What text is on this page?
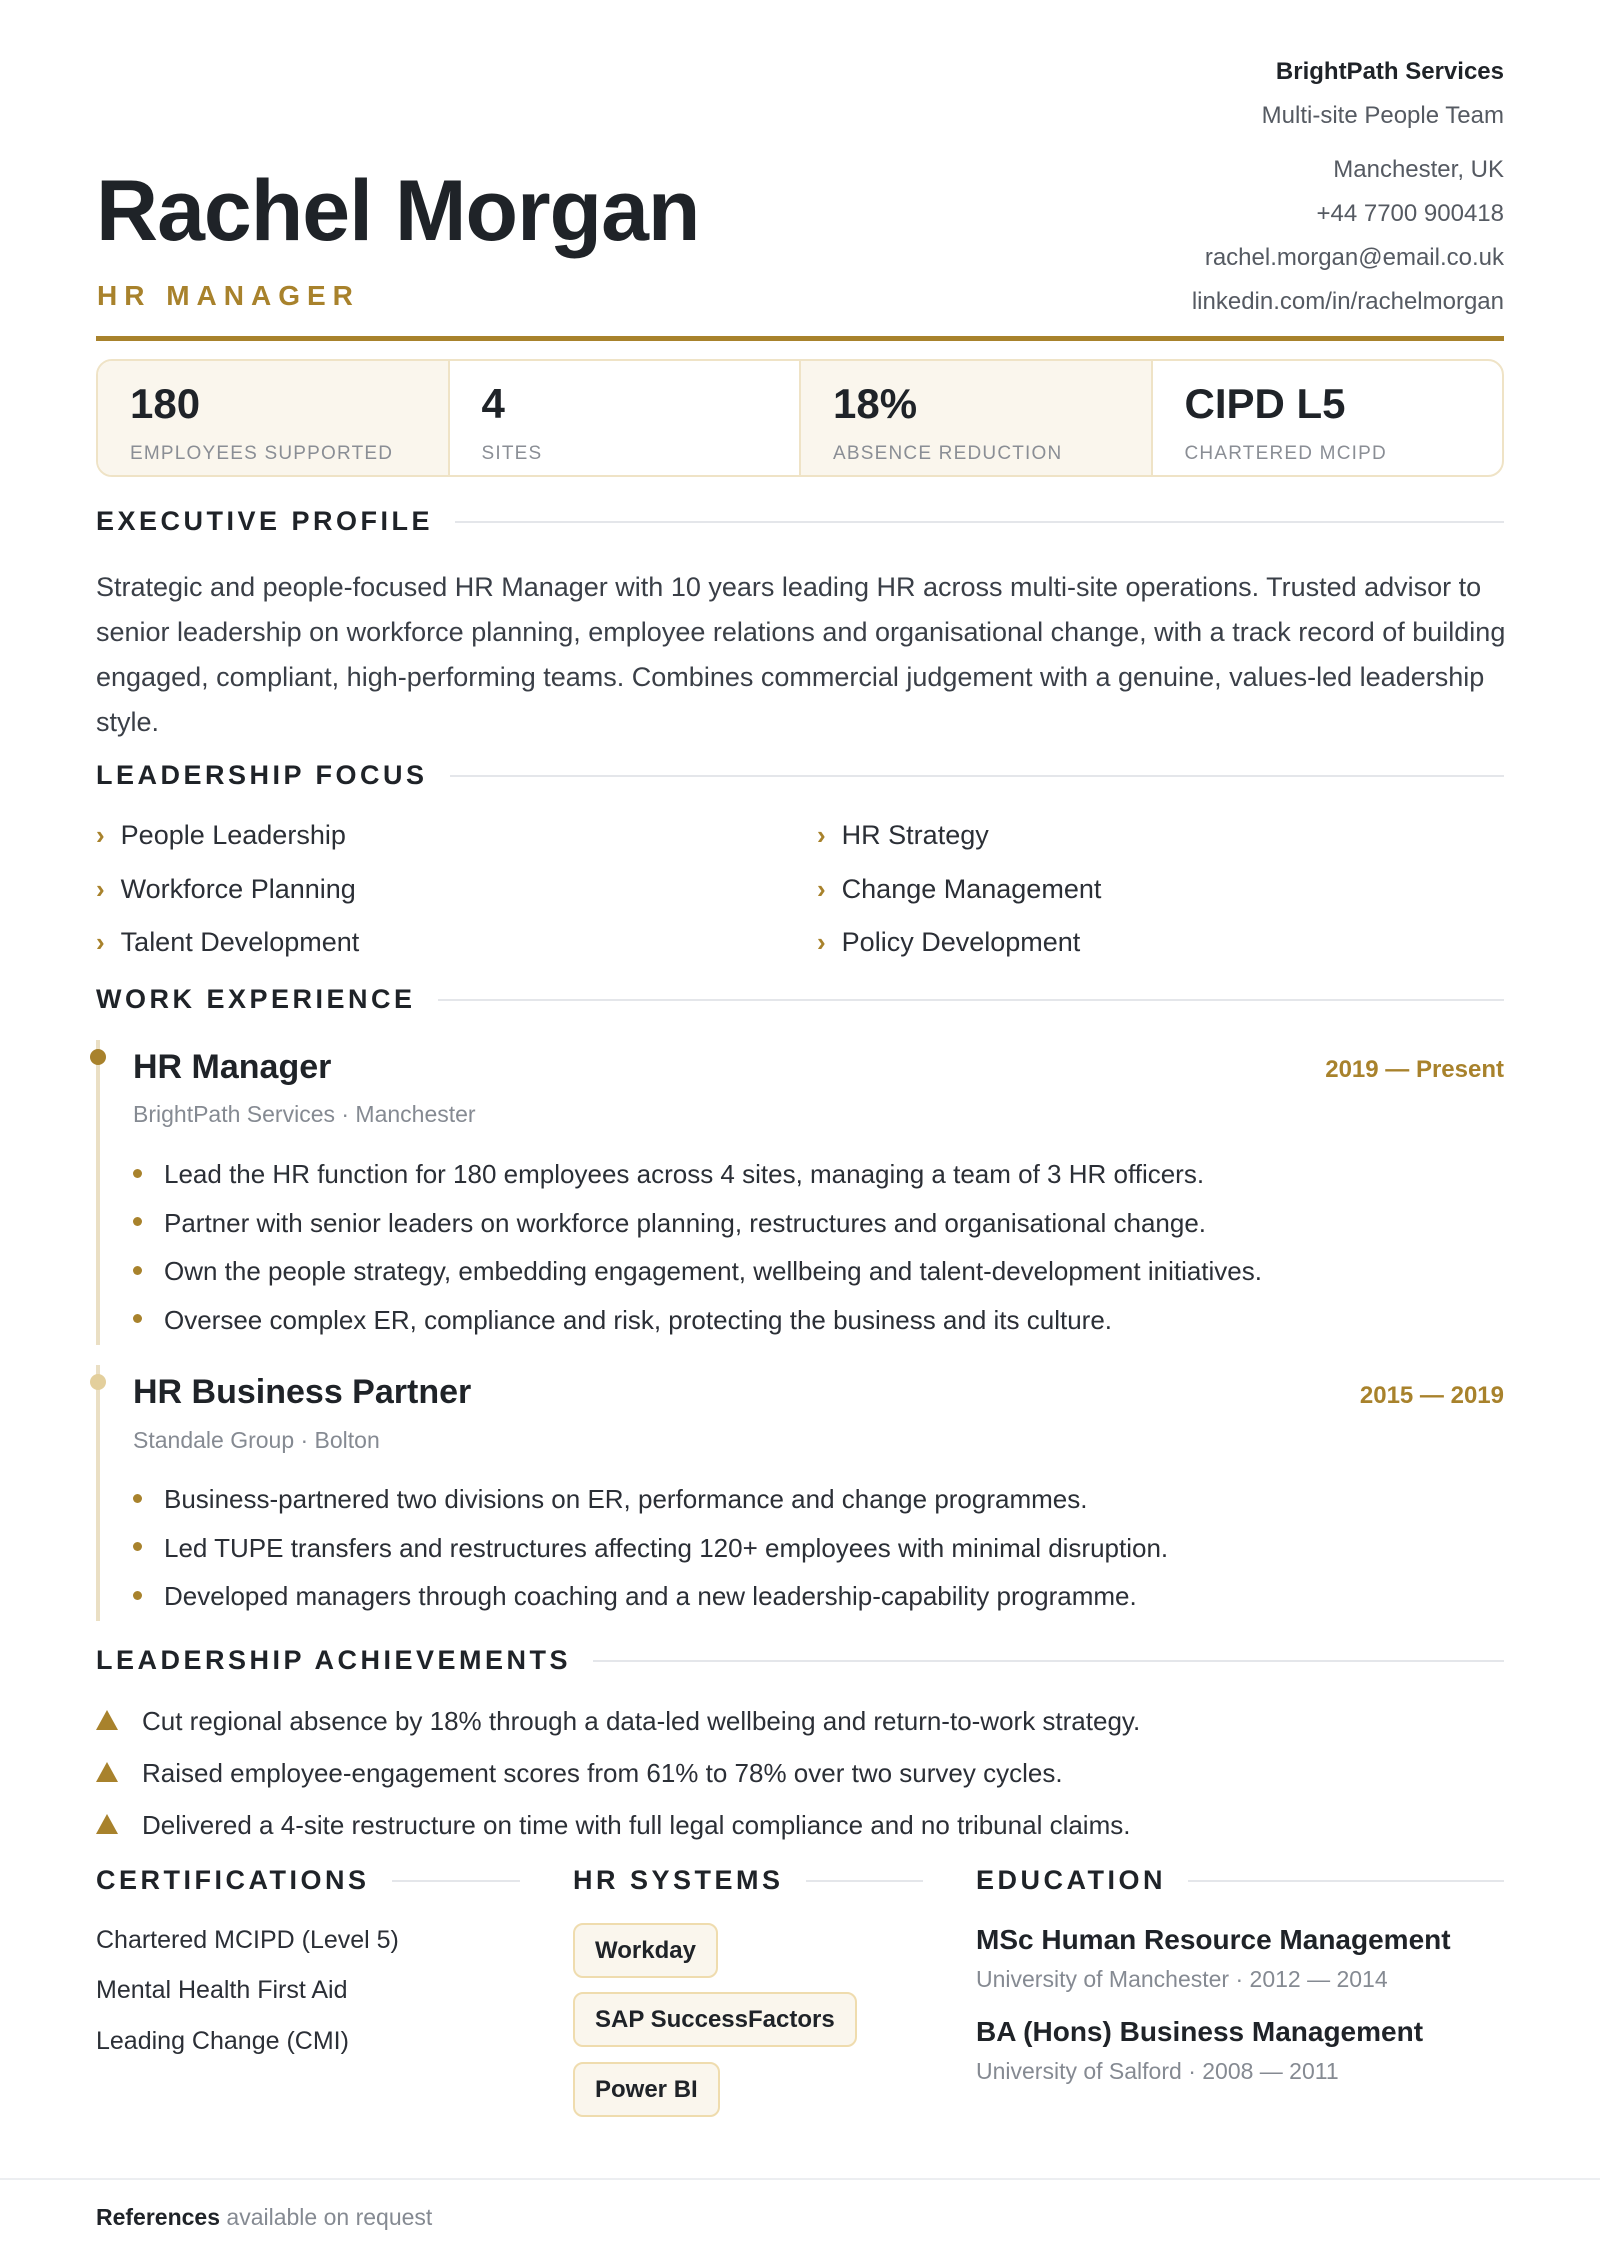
Rachel Morgan
HR MANAGER
BrightPath Services
Multi-site People Team
Manchester, UK
+44 7700 900418
rachel.morgan@email.co.uk
linkedin.com/in/rachelmorgan
180
EMPLOYEES SUPPORTED
4
SITES
18%
ABSENCE REDUCTION
CIPD L5
CHARTERED MCIPD
EXECUTIVE PROFILE
Strategic and people-focused HR Manager with 10 years leading HR across multi-site operations. Trusted advisor to senior leadership on workforce planning, employee relations and organisational change, with a track record of building engaged, compliant, high-performing teams. Combines commercial judgement with a genuine, values-led leadership style.
LEADERSHIP FOCUS
› People Leadership	› HR Strategy
› Workforce Planning	› Change Management
› Talent Development	› Policy Development
WORK EXPERIENCE
HR Manager	2019 — Present
BrightPath Services · Manchester
Lead the HR function for 180 employees across 4 sites, managing a team of 3 HR officers.
Partner with senior leaders on workforce planning, restructures and organisational change.
Own the people strategy, embedding engagement, wellbeing and talent-development initiatives.
Oversee complex ER, compliance and risk, protecting the business and its culture.
HR Business Partner	2015 — 2019
Standale Group · Bolton
Business-partnered two divisions on ER, performance and change programmes.
Led TUPE transfers and restructures affecting 120+ employees with minimal disruption.
Developed managers through coaching and a new leadership-capability programme.
LEADERSHIP ACHIEVEMENTS
Cut regional absence by 18% through a data-led wellbeing and return-to-work strategy.
Raised employee-engagement scores from 61% to 78% over two survey cycles.
Delivered a 4-site restructure on time with full legal compliance and no tribunal claims.
CERTIFICATIONS
Chartered MCIPD (Level 5)
Mental Health First Aid
Leading Change (CMI)
HR SYSTEMS
Workday
SAP SuccessFactors
Power BI
EDUCATION
MSc Human Resource Management
University of Manchester · 2012 — 2014
BA (Hons) Business Management
University of Salford · 2008 — 2011
References available on request
